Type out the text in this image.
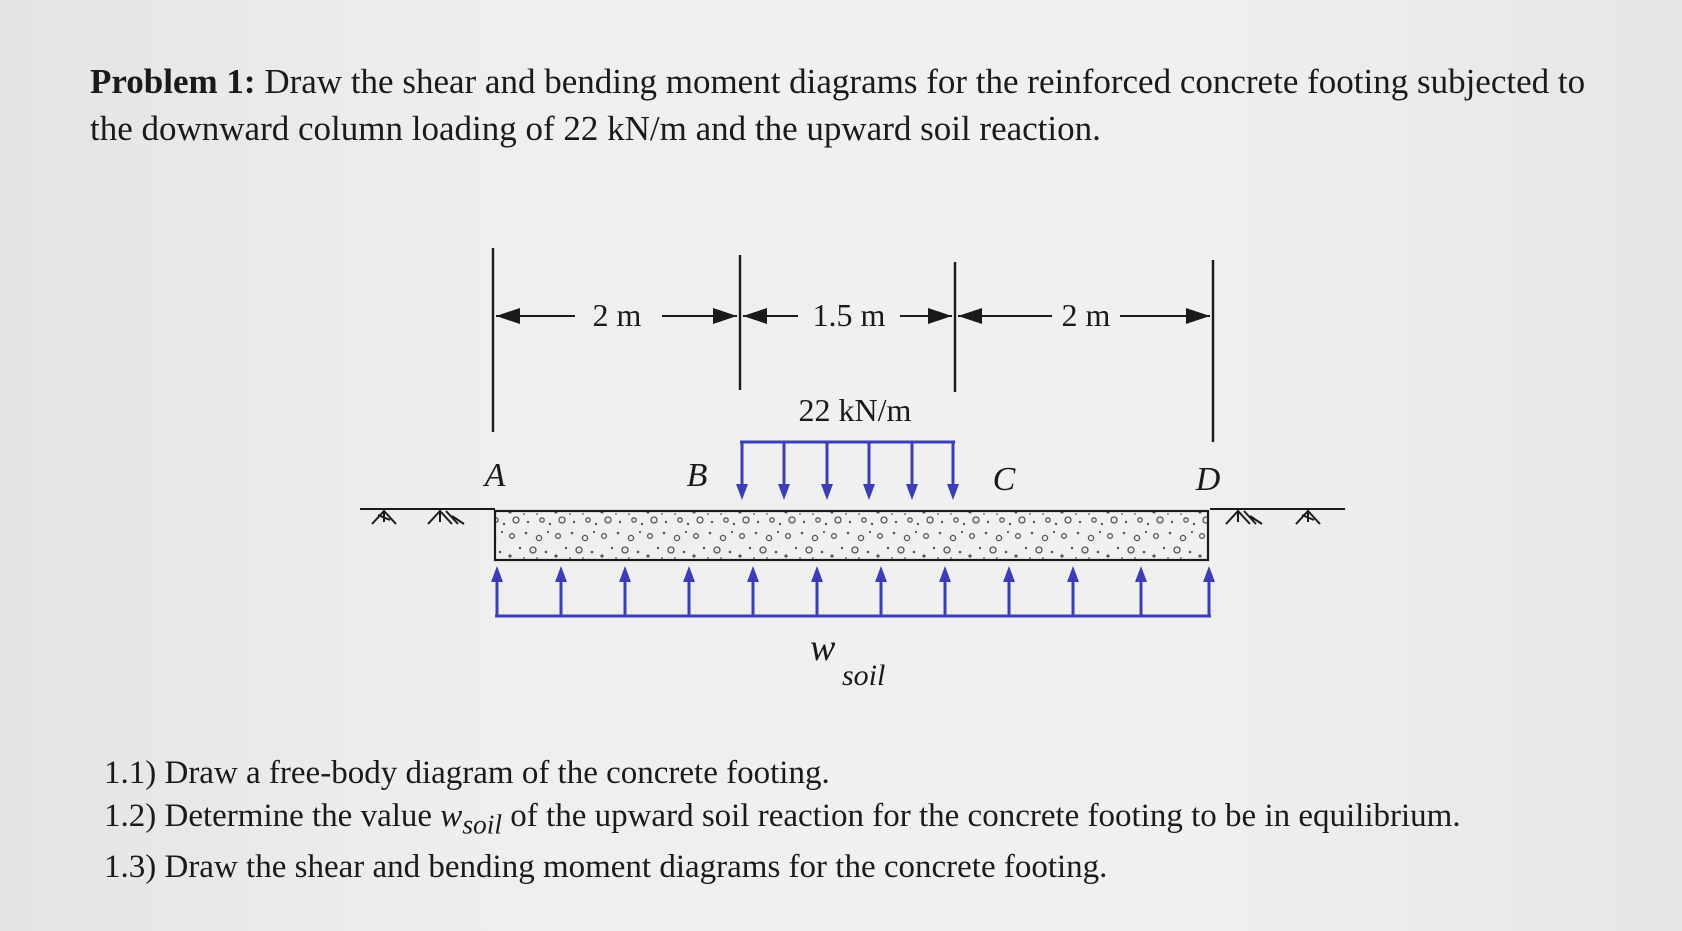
Problem 1: Draw the shear and bending moment diagrams for the reinforced concrete footing subjected to the downward column loading of 22 kN/m and the upward soil reaction.
2 m	1.5 m	2 m
22 kN/m
A	B	C	D
w
soil
1.1) Draw a free-body diagram of the concrete footing.
1.2) Determine the value $w_{soil}$ of the upward soil reaction for the concrete footing to be in equilibrium.
1.3) Draw the shear and bending moment diagrams for the concrete footing.
